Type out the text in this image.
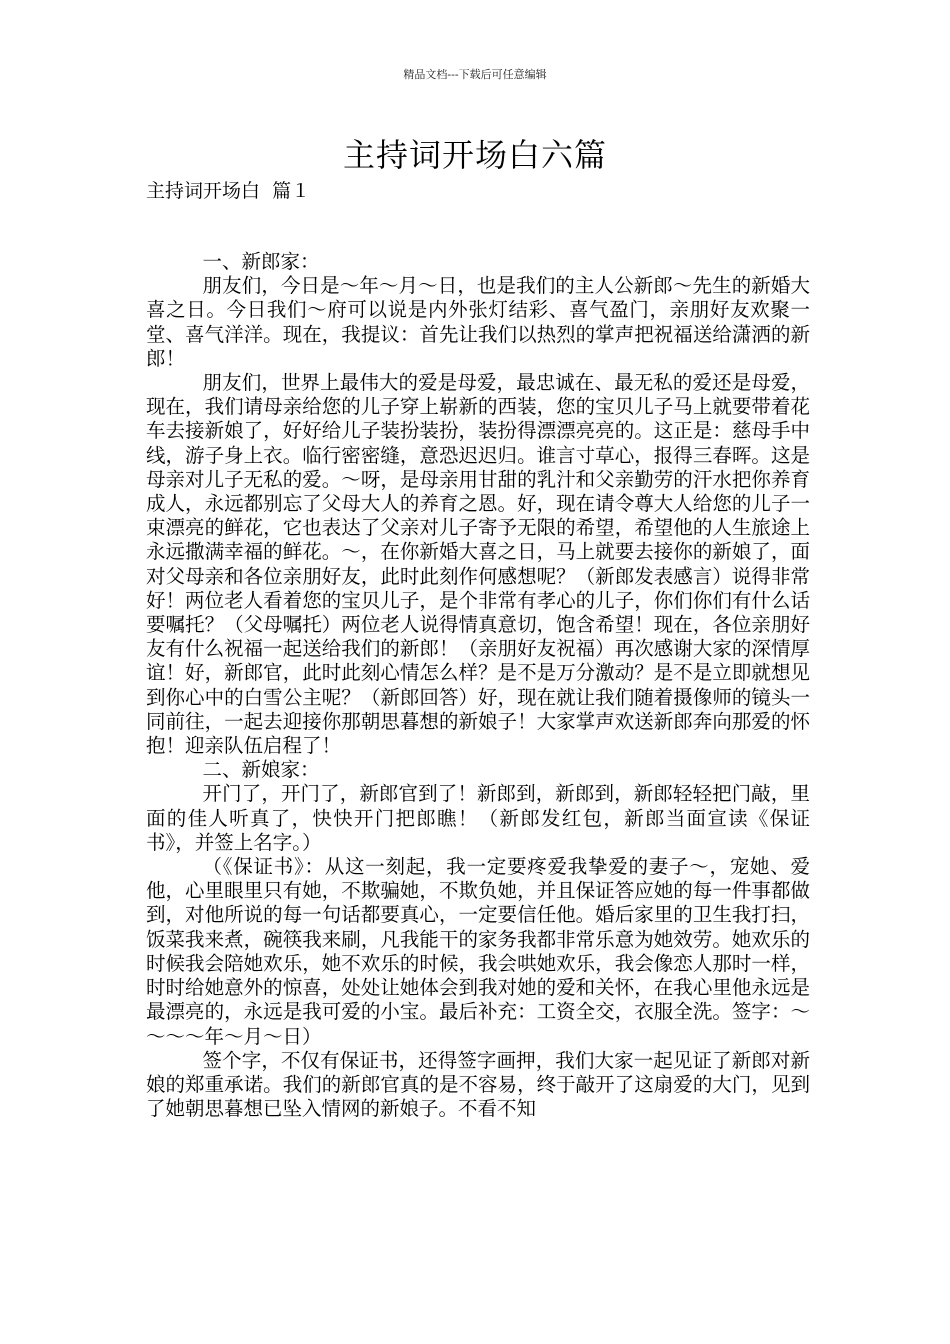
精品文档---下载后可任意编辑
主持词开场白六篇
主持词开场白  篇１

一、新郎家：

朋友们，今日是～年～月～日，也是我们的主人公新郎～先生的新婚大喜之日。今日我们～府可以说是内外张灯结彩、喜气盈门，亲朋好友欢聚一堂、喜气洋洋。现在，我提议：首先让我们以热烈的掌声把祝福送给潇洒的新郎！

朋友们，世界上最伟大的爱是母爱，最忠诚在、最无私的爱还是母爱，现在，我们请母亲给您的儿子穿上崭新的西装，您的宝贝儿子马上就要带着花车去接新娘了，好好给儿子装扮装扮，装扮得漂漂亮亮的。这正是：慈母手中线，游子身上衣。临行密密缝，意恐迟迟归。谁言寸草心，报得三春晖。这是母亲对儿子无私的爱。～呀，是母亲用甘甜的乳汁和父亲勤劳的汗水把你养育成人，永远都别忘了父母大人的养育之恩。好，现在请令尊大人给您的儿子一束漂亮的鲜花，它也表达了父亲对儿子寄予无限的希望，希望他的人生旅途上永远撒满幸福的鲜花。～，在你新婚大喜之日，马上就要去接你的新娘了，面对父母亲和各位亲朋好友，此时此刻作何感想呢？（新郎发表感言）说得非常好！两位老人看着您的宝贝儿子，是个非常有孝心的儿子，你们你们有什么话要嘱托？（父母嘱托）两位老人说得情真意切，饱含希望！现在，各位亲朋好友有什么祝福一起送给我们的新郎！（亲朋好友祝福）再次感谢大家的深情厚谊！好，新郎官，此时此刻心情怎么样？是不是万分激动？是不是立即就想见到你心中的白雪公主呢？（新郎回答）好，现在就让我们随着摄像师的镜头一同前往，一起去迎接你那朝思暮想的新娘子！大家掌声欢送新郎奔向那爱的怀抱！迎亲队伍启程了！

二、新娘家：

开门了，开门了，新郎官到了！新郎到，新郎到，新郎轻轻把门敲，里面的佳人听真了，快快开门把郎瞧！（新郎发红包，新郎当面宣读《保证书》，并签上名字。）

（《保证书》：从这一刻起，我一定要疼爱我挚爱的妻子～，宠她、爱他，心里眼里只有她，不欺骗她，不欺负她，并且保证答应她的每一件事都做到，对他所说的每一句话都要真心，一定要信任他。婚后家里的卫生我打扫，饭菜我来煮，碗筷我来刷，凡我能干的家务我都非常乐意为她效劳。她欢乐的时候我会陪她欢乐，她不欢乐的时候，我会哄她欢乐，我会像恋人那时一样，时时给她意外的惊喜，处处让她体会到我对她的爱和关怀，在我心里他永远是最漂亮的，永远是我可爱的小宝。最后补充：工资全交，衣服全洗。签字：～～～～年～月～日）

签个字，不仅有保证书，还得签字画押，我们大家一起见证了新郎对新娘的郑重承诺。我们的新郎官真的是不容易，终于敲开了这扇爱的大门，见到了她朝思暮想已坠入情网的新娘子。不看不知
